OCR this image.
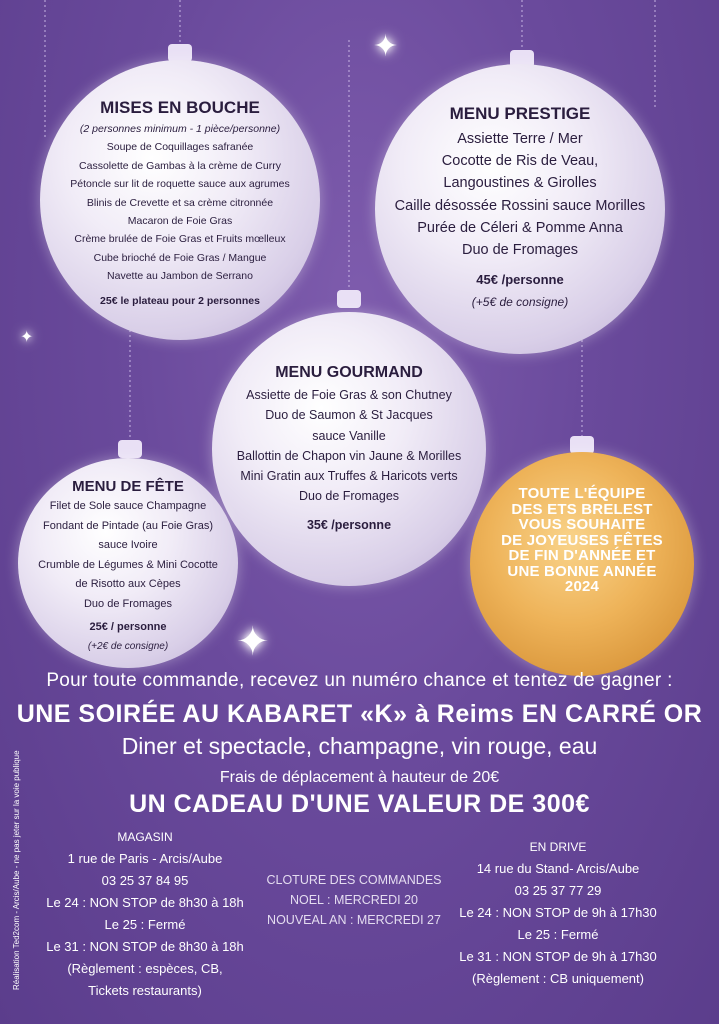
✦
✦
✦
MISES EN BOUCHE
(2 personnes minimum - 1 pièce/personne)
Soupe de Coquillages safranée
Cassolette de Gambas à la crème de Curry
Pétoncle sur lit de roquette sauce aux agrumes
Blinis de Crevette et sa crème citronnée
Macaron de Foie Gras
Crème brulée de Foie Gras et Fruits mœlleux
Cube brioché de Foie Gras / Mangue
Navette au Jambon de Serrano
25€ le plateau pour 2 personnes
MENU PRESTIGE
Assiette Terre / Mer
Cocotte de Ris de Veau,
Langoustines & Girolles
Caille désossée Rossini sauce Morilles
Purée de Céleri & Pomme Anna
Duo de Fromages
45€ /personne
(+5€ de consigne)
MENU GOURMAND
Assiette de Foie Gras & son Chutney
Duo de Saumon & St Jacques
sauce Vanille
Ballottin de Chapon vin Jaune & Morilles
Mini Gratin aux Truffes & Haricots verts
Duo de Fromages
35€ /personne
MENU DE FÊTE
Filet de Sole sauce Champagne
Fondant de Pintade (au Foie Gras)
sauce Ivoire
Crumble de Légumes & Mini Cocotte
de Risotto aux Cèpes
Duo de Fromages
25€ / personne
(+2€ de consigne)
TOUTE L'ÉQUIPE
DES ETS BRELEST
VOUS SOUHAITE
DE JOYEUSES FÊTES
DE FIN D'ANNÉE ET
UNE BONNE ANNÉE
2024
Pour toute commande, recevez un numéro chance et tentez de gagner :
UNE SOIRÉE AU KABARET «K» à Reims EN CARRÉ OR
Diner et spectacle, champagne, vin rouge, eau
Frais de déplacement à hauteur de 20€
UN CADEAU D'UNE VALEUR DE 300€
MAGASIN
1 rue de Paris - Arcis/Aube
03 25 37 84 95
Le 24 : NON STOP de 8h30 à 18h
Le 25 : Fermé
Le 31 : NON STOP de 8h30 à 18h
(Règlement : espèces, CB,
Tickets restaurants)
CLOTURE DES COMMANDES
NOEL : MERCREDI 20
NOUVEAL AN : MERCREDI 27
EN DRIVE
14 rue du Stand- Arcis/Aube
03 25 37 77 29
Le 24 : NON STOP de 9h à 17h30
Le 25 : Fermé
Le 31 : NON STOP de 9h à 17h30
(Règlement : CB uniquement)
Réalisation Ted2com - Arcis/Aube - ne pas jeter sur la voie publique
